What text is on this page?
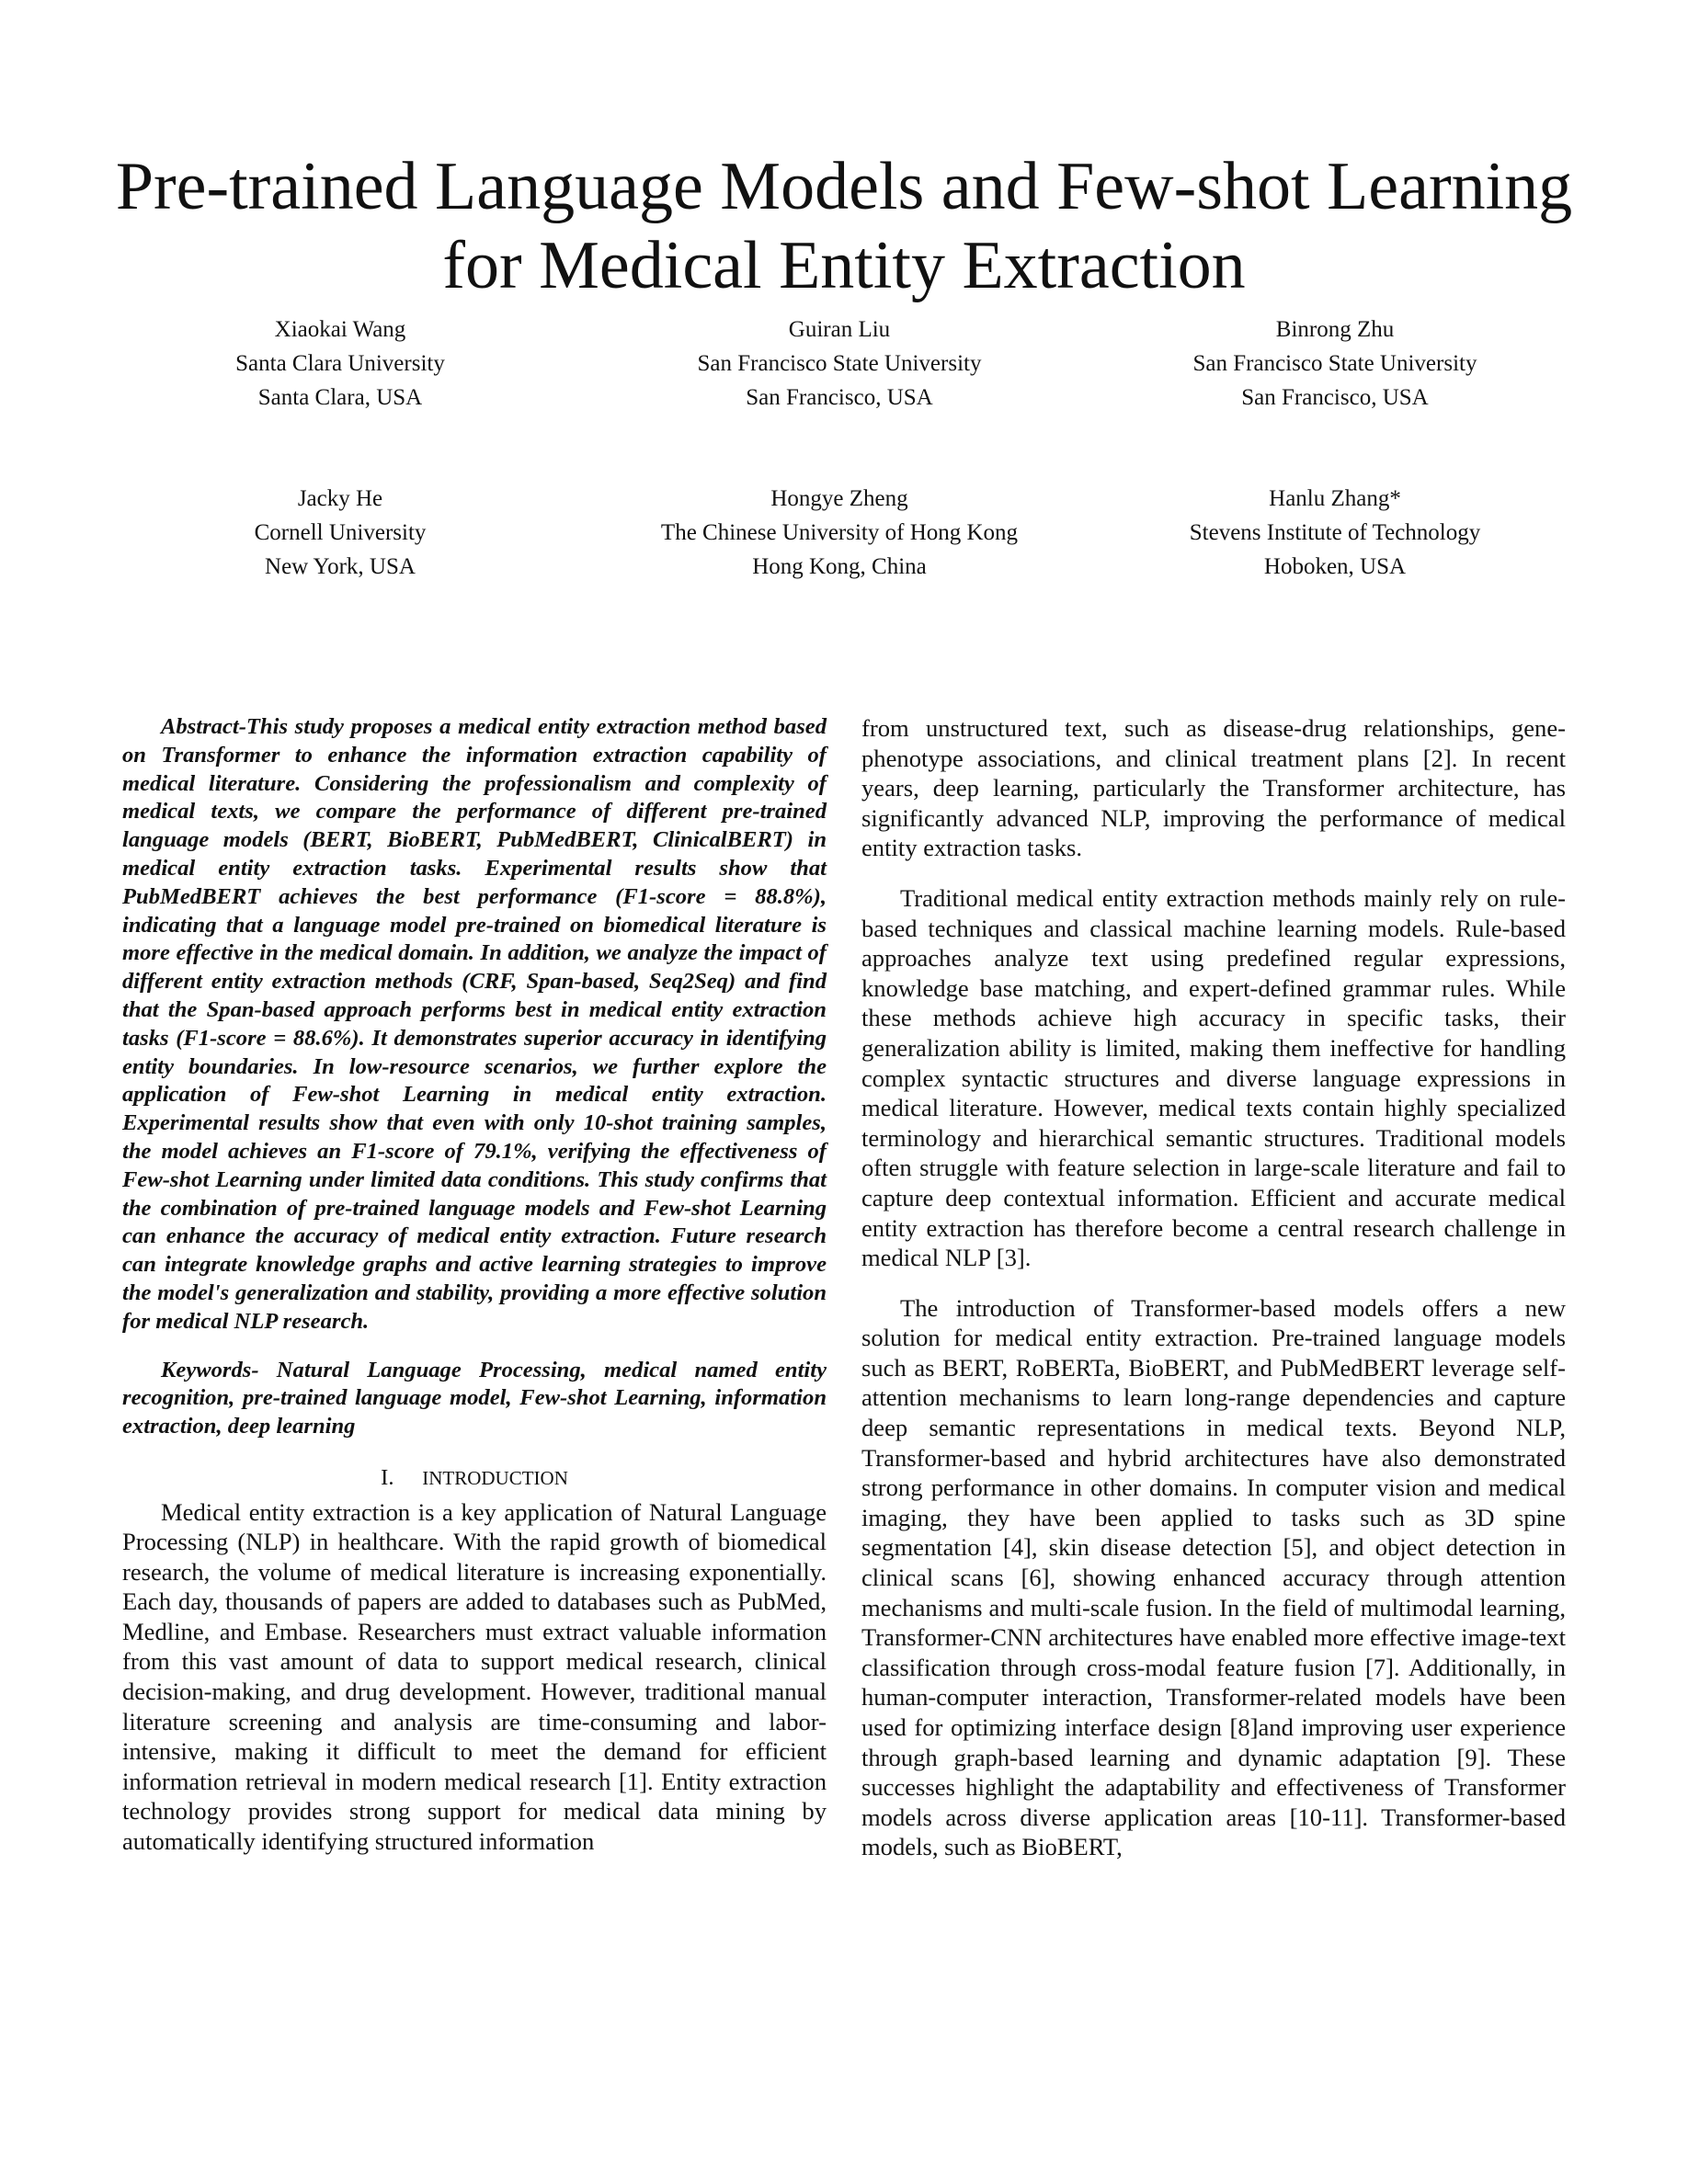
Pre-trained Language Models and Few-shot Learning for Medical Entity Extraction
Xiaokai Wang
Santa Clara University
Santa Clara, USA
Guiran Liu
San Francisco State University
San Francisco, USA
Binrong Zhu
San Francisco State University
San Francisco, USA
Jacky He
Cornell University
New York, USA
Hongye Zheng
The Chinese University of Hong Kong
Hong Kong, China
Hanlu Zhang*
Stevens Institute of Technology
Hoboken, USA

Abstract-This study proposes a medical entity extraction method based on Transformer to enhance the information extraction capability of medical literature. Considering the professionalism and complexity of medical texts, we compare the performance of different pre-trained language models (BERT, BioBERT, PubMedBERT, ClinicalBERT) in medical entity extraction tasks. Experimental results show that PubMedBERT achieves the best performance (F1-score = 88.8%), indicating that a language model pre-trained on biomedical literature is more effective in the medical domain. In addition, we analyze the impact of different entity extraction methods (CRF, Span-based, Seq2Seq) and find that the Span-based approach performs best in medical entity extraction tasks (F1-score = 88.6%). It demonstrates superior accuracy in identifying entity boundaries. In low-resource scenarios, we further explore the application of Few-shot Learning in medical entity extraction. Experimental results show that even with only 10-shot training samples, the model achieves an F1-score of 79.1%, verifying the effectiveness of Few-shot Learning under limited data conditions. This study confirms that the combination of pre-trained language models and Few-shot Learning can enhance the accuracy of medical entity extraction. Future research can integrate knowledge graphs and active learning strategies to improve the model's generalization and stability, providing a more effective solution for medical NLP research.

Keywords- Natural Language Processing, medical named entity recognition, pre-trained language model, Few-shot Learning, information extraction, deep learning

I. INTRODUCTION

Medical entity extraction is a key application of Natural Language Processing (NLP) in healthcare. With the rapid growth of biomedical research, the volume of medical literature is increasing exponentially. Each day, thousands of papers are added to databases such as PubMed, Medline, and Embase. Researchers must extract valuable information from this vast amount of data to support medical research, clinical decision-making, and drug development. However, traditional manual literature screening and analysis are time-consuming and labor-intensive, making it difficult to meet the demand for efficient information retrieval in modern medical research [1]. Entity extraction technology provides strong support for medical data mining by automatically identifying structured information

from unstructured text, such as disease-drug relationships, gene-phenotype associations, and clinical treatment plans [2]. In recent years, deep learning, particularly the Transformer architecture, has significantly advanced NLP, improving the performance of medical entity extraction tasks.

Traditional medical entity extraction methods mainly rely on rule-based techniques and classical machine learning models. Rule-based approaches analyze text using predefined regular expressions, knowledge base matching, and expert-defined grammar rules. While these methods achieve high accuracy in specific tasks, their generalization ability is limited, making them ineffective for handling complex syntactic structures and diverse language expressions in medical literature. However, medical texts contain highly specialized terminology and hierarchical semantic structures. Traditional models often struggle with feature selection in large-scale literature and fail to capture deep contextual information. Efficient and accurate medical entity extraction has therefore become a central research challenge in medical NLP [3].

The introduction of Transformer-based models offers a new solution for medical entity extraction. Pre-trained language models such as BERT, RoBERTa, BioBERT, and PubMedBERT leverage self-attention mechanisms to learn long-range dependencies and capture deep semantic representations in medical texts. Beyond NLP, Transformer-based and hybrid architectures have also demonstrated strong performance in other domains. In computer vision and medical imaging, they have been applied to tasks such as 3D spine segmentation [4], skin disease detection [5], and object detection in clinical scans [6], showing enhanced accuracy through attention mechanisms and multi-scale fusion. In the field of multimodal learning, Transformer-CNN architectures have enabled more effective image-text classification through cross-modal feature fusion [7]. Additionally, in human-computer interaction, Transformer-related models have been used for optimizing interface design [8]and improving user experience through graph-based learning and dynamic adaptation [9]. These successes highlight the adaptability and effectiveness of Transformer models across diverse application areas [10-11]. Transformer-based models, such as BioBERT,
